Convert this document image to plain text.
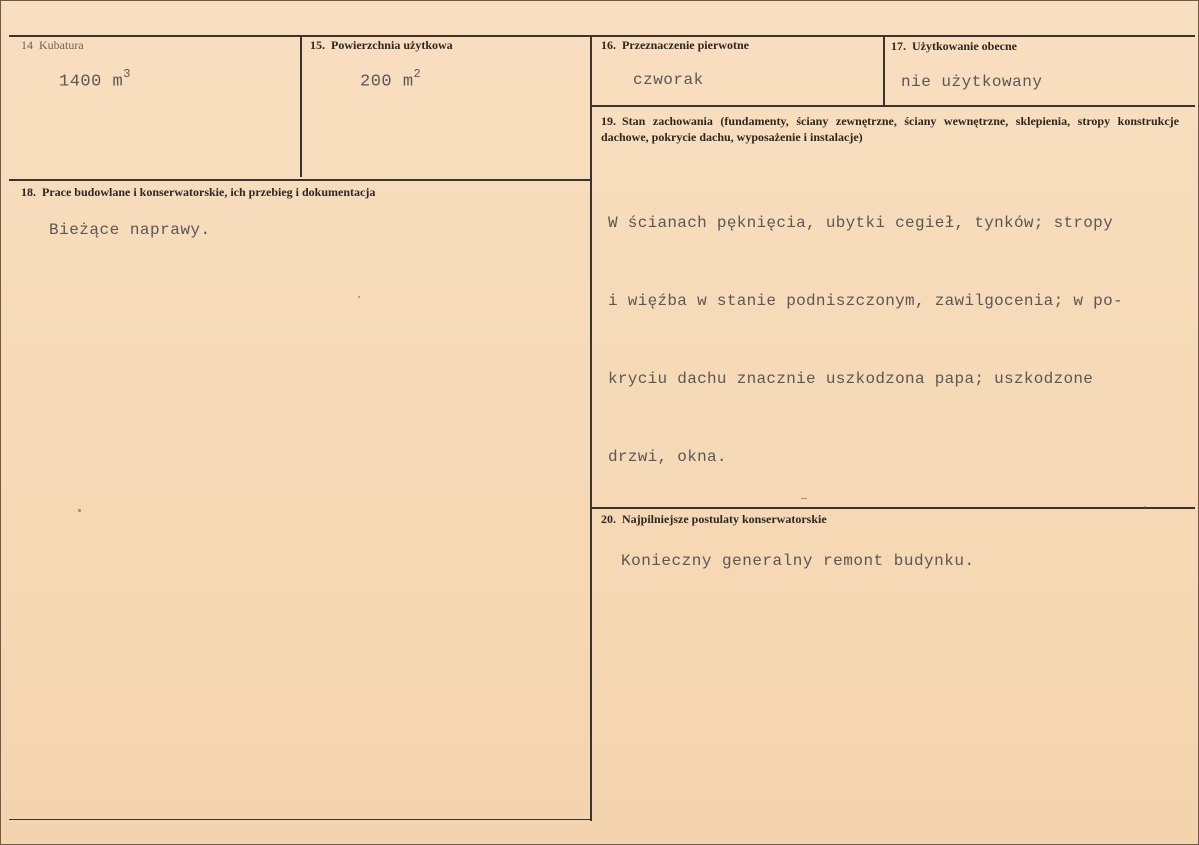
14 Kubatura
1400 $m^3$
15. Powierzchnia użytkowa
200 $m^2$
16. Przeznaczenie pierwotne
czworak
17. Użytkowanie obecne
nie użytkowany
18. Prace budowlane i konserwatorskie, ich przebieg i dokumentacja
Bieżące naprawy.
19. Stan zachowania (fundamenty, ściany zewnętrzne, ściany wewnętrzne, sklepienia, stropy konstrukcje dachowe, pokrycie dachu, wyposażenie i instalacje)

W ścianach pęknięcia, ubytki cegieł, tynków; stropy

i więźba w stanie podniszczonym, zawilgocenia; w po-

kryciu dachu znacznie uszkodzona papa; uszkodzone

drzwi, okna.

20. Najpilniejsze postulaty konserwatorskie
Konieczny generalny remont budynku.
